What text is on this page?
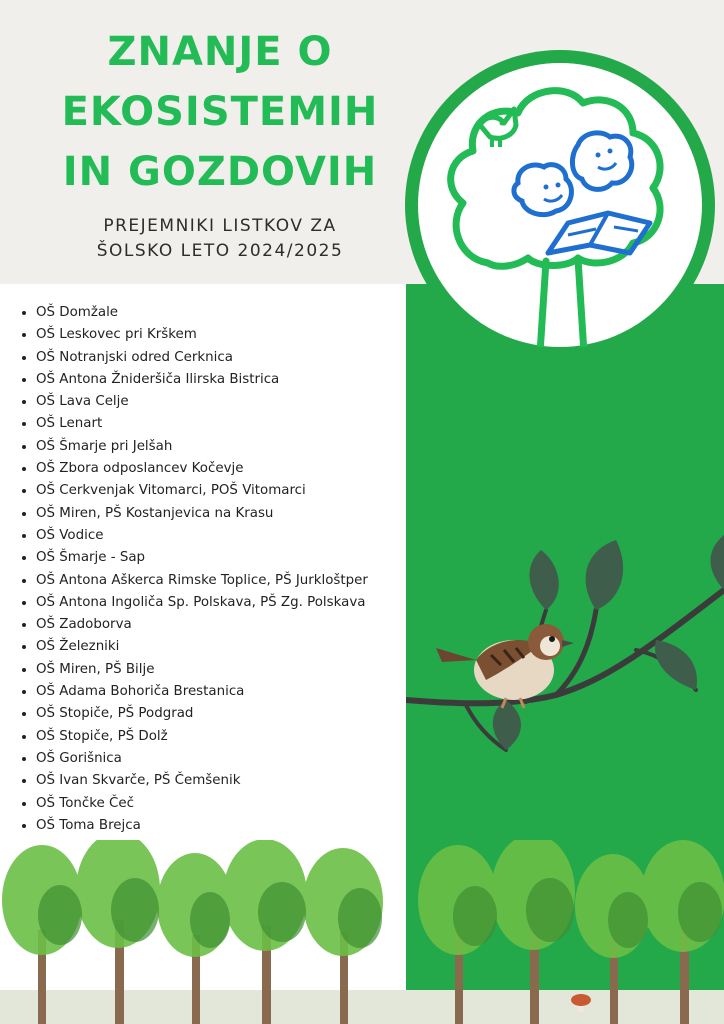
ZNANJE O
EKOSISTEMIH
IN GOZDOVIH
PREJEMNIKI LISTKOV ZA
ŠOLSKO LETO 2024/2025
• OŠ Domžale
• OŠ Leskovec pri Krškem
• OŠ Notranjski odred Cerknica
• OŠ Antona Žnideršiča Ilirska Bistrica
• OŠ Lava Celje
• OŠ Lenart
• OŠ Šmarje pri Jelšah
• OŠ Zbora odposlancev Kočevje
• OŠ Cerkvenjak Vitomarci, POŠ Vitomarci
• OŠ Miren, PŠ Kostanjevica na Krasu
• OŠ Vodice
• OŠ Šmarje - Sap
• OŠ Antona Aškerca Rimske Toplice, PŠ Jurkloštper
• OŠ Antona Ingoliča Sp. Polskava, PŠ Zg. Polskava
• OŠ Zadoborva
• OŠ Železniki
• OŠ Miren, PŠ Bilje
• OŠ Adama Bohoriča Brestanica
• OŠ Stopiče, PŠ Podgrad
• OŠ Stopiče, PŠ Dolž
• OŠ Gorišnica
• OŠ Ivan Skvarče, PŠ Čemšenik
• OŠ Tončke Čeč
• OŠ Toma Brejca
